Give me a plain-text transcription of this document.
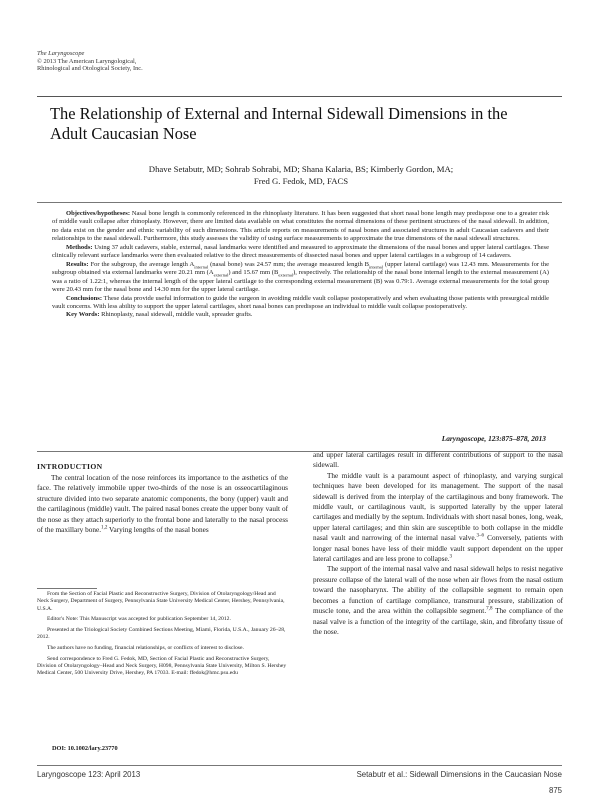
The Laryngoscope
© 2013 The American Laryngological,
Rhinological and Otological Society, Inc.
The Relationship of External and Internal Sidewall Dimensions in the
Adult Caucasian Nose
Dhave Setabutr, MD; Sohrab Sohrabi, MD; Shana Kalaria, BS; Kimberly Gordon, MA;
Fred G. Fedok, MD, FACS

Objectives/hypotheses: Nasal bone length is commonly referenced in the rhinoplasty literature. It has been suggested that short nasal bone length may predispose one to a greater risk of middle vault collapse after rhinoplasty. However, there are limited data available on what constitutes the normal dimensions of these pertinent structures of the nasal sidewall. In addition, no data exist on the gender and ethnic variability of such dimensions. This article reports on measurements of nasal bones and associated structures in adult Caucasian cadavers and their relationships to the nasal sidewall. Furthermore, this study assesses the validity of using surface measurements to approximate the true dimensions of the nasal sidewall structures.

Methods: Using 37 adult cadavers, stable, external, nasal landmarks were identified and measured to approximate the dimensions of the nasal bones and upper lateral cartilages. These clinically relevant surface landmarks were then evaluated relative to the direct measurements of dissected nasal bones and upper lateral cartilages in a subgroup of 14 cadavers.

Results: For the subgroup, the average length $A_{internal}$ (nasal bone) was 24.57 mm; the average measured length $B_{internal}$ (upper lateral cartilage) was 12.43 mm. Measurements for the subgroup obtained via external landmarks were 20.21 mm $(A_{external})$ and 15.67 mm $(B_{external})$, respectively. The relationship of the nasal bone internal length to the external measurement (A) was a ratio of 1.22:1, whereas the internal length of the upper lateral cartilage to the corresponding external measurement (B) was 0.79:1. Average external measurements for the total group were 20.43 mm for the nasal bone and 14.30 mm for the upper lateral cartilage.

Conclusions: These data provide useful information to guide the surgeon in avoiding middle vault collapse postoperatively and when evaluating those patients with presurgical middle vault concerns. With less ability to support the upper lateral cartilages, short nasal bones can predispose an individual to middle vault collapse postoperatively.

Key Words: Rhinoplasty, nasal sidewall, middle vault, spreader grafts.

Laryngoscope, 123:875–878, 2013
INTRODUCTION

The central location of the nose reinforces its importance to the æsthetics of the face. The relatively immobile upper two-thirds of the nose is an osseocartilaginous structure divided into two separate anatomic components, the bony (upper) vault and the cartilaginous (middle) vault. The paired nasal bones create the upper bony vault of the nose as they attach superiorly to the frontal bone and laterally to the nasal process of the maxillary bone.$^{1,2}$ Varying lengths of the nasal bones

From the Section of Facial Plastic and Reconstructive Surgery, Division of Otolaryngology/Head and Neck Surgery, Department of Surgery, Pennsylvania State University Medical Center, Hershey, Pennsylvania, U.S.A.

Editor's Note: This Manuscript was accepted for publication September 14, 2012.

Presented at the Triological Society Combined Sections Meeting, Miami, Florida, U.S.A., January 26–28, 2012.

The authors have no funding, financial relationships, or conflicts of interest to disclose.

Send correspondence to Fred G. Fedok, MD, Section of Facial Plastic and Reconstructive Surgery, Division of Otolaryngology–Head and Neck Surgery, H098, Pennsylvania State University, Milton S. Hershey Medical Center, 500 University Drive, Hershey, PA 17033. E-mail: ffedok@hmc.psu.edu

DOI: 10.1002/lary.23770

and upper lateral cartilages result in different contributions of support to the nasal sidewall.

The middle vault is a paramount aspect of rhinoplasty, and varying surgical techniques have been developed for its management. The support of the nasal sidewall is derived from the interplay of the cartilaginous and bony framework. The middle vault, or cartilaginous vault, is supported laterally by the upper lateral cartilages and medially by the septum. Individuals with short nasal bones, long, weak, upper lateral cartilages; and thin skin are susceptible to both collapse in the middle nasal vault and narrowing of the internal nasal valve.$^{3-6}$ Conversely, patients with longer nasal bones have less of their middle vault support dependent on the upper lateral cartilages and are less prone to collapse.$^3$

The support of the internal nasal valve and nasal sidewall helps to resist negative pressure collapse of the lateral wall of the nose when air flows from the nasal ostium toward the nasopharynx. The ability of the collapsible segment to remain open becomes a function of cartilage compliance, transmural pressure, stabilization of muscle tone, and the area within the collapsible segment.$^{7,8}$ The compliance of the nasal valve is a function of the integrity of the cartilage, skin, and fibrofatty tissue of the nose.

Laryngoscope 123: April 2013	Setabutr et al.: Sidewall Dimensions in the Caucasian Nose
875
